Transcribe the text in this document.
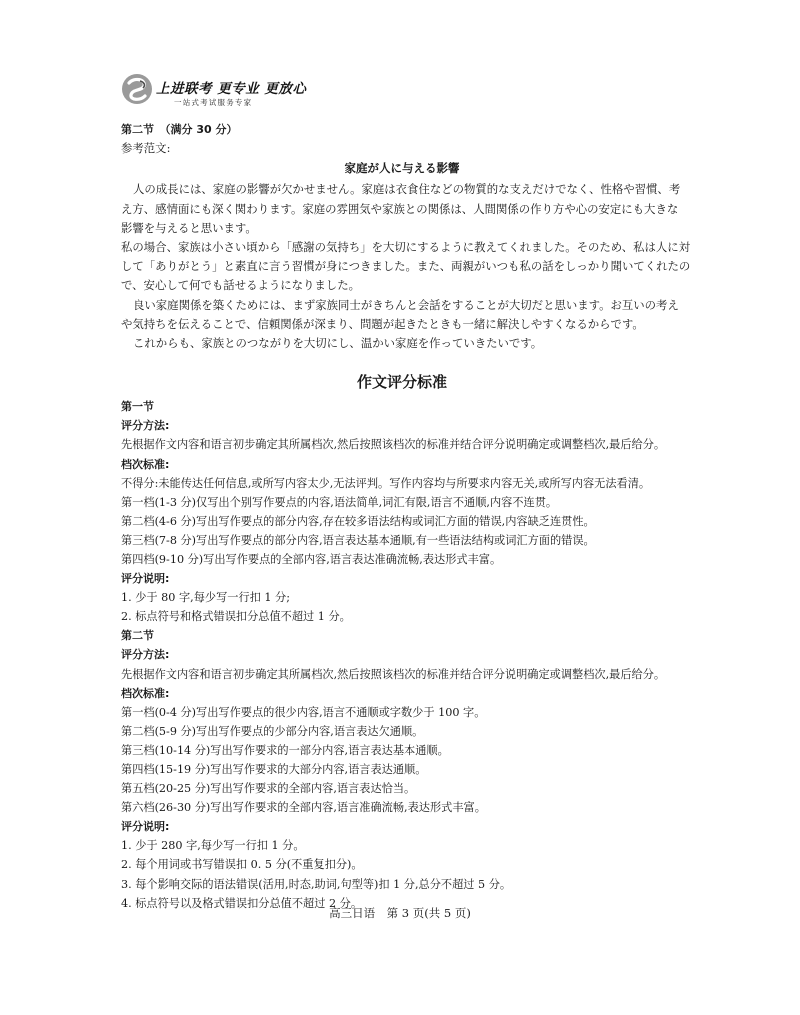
上进联考 更专业 更放心
一站式考试服务专家

第二节　（满分 30 分）

参考范文:

家庭が人に与える影響

人の成長には、家庭の影響が欠かせません。家庭は衣食住などの物質的な支えだけでなく、性格や習慣、考

え方、感情面にも深く関わります。家庭の雰囲気や家族との関係は、人間関係の作り方や心の安定にも大きな

影響を与えると思います。

私の場合、家族は小さい頃から「感謝の気持ち」を大切にするように教えてくれました。そのため、私は人に対

して「ありがとう」と素直に言う習慣が身につきました。また、両親がいつも私の話をしっかり聞いてくれたの

で、安心して何でも話せるようになりました。

良い家庭関係を築くためには、まず家族同士がきちんと会話をすることが大切だと思います。お互いの考え

や気持ちを伝えることで、信頼関係が深まり、問題が起きたときも一緒に解決しやすくなるからです。

これからも、家族とのつながりを大切にし、温かい家庭を作っていきたいです。

作文评分标准

第一节

评分方法:

先根据作文内容和语言初步确定其所属档次,然后按照该档次的标准并结合评分说明确定或调整档次,最后给分。

档次标准:

不得分:未能传达任何信息,或所写内容太少,无法评判。写作内容均与所要求内容无关,或所写内容无法看清。

第一档(1-3 分)仅写出个别写作要点的内容,语法简单,词汇有限,语言不通顺,内容不连贯。

第二档(4-6 分)写出写作要点的部分内容,存在较多语法结构或词汇方面的错误,内容缺乏连贯性。

第三档(7-8 分)写出写作要点的部分内容,语言表达基本通顺,有一些语法结构或词汇方面的错误。

第四档(9-10 分)写出写作要点的全部内容,语言表达准确流畅,表达形式丰富。

评分说明:

1. 少于 80 字,每少写一行扣 1 分;

2. 标点符号和格式错误扣分总值不超过 1 分。

第二节

评分方法:

先根据作文内容和语言初步确定其所属档次,然后按照该档次的标准并结合评分说明确定或调整档次,最后给分。

档次标准:

第一档(0-4 分)写出写作要点的很少内容,语言不通顺或字数少于 100 字。

第二档(5-9 分)写出写作要点的少部分内容,语言表达欠通顺。

第三档(10-14 分)写出写作要求的一部分内容,语言表达基本通顺。

第四档(15-19 分)写出写作要求的大部分内容,语言表达通顺。

第五档(20-25 分)写出写作要求的全部内容,语言表达恰当。

第六档(26-30 分)写出写作要求的全部内容,语言准确流畅,表达形式丰富。

评分说明:

1. 少于 280 字,每少写一行扣 1 分。

2. 每个用词或书写错误扣 0. 5 分(不重复扣分)。

3. 每个影响交际的语法错误(活用,时态,助词,句型等)扣 1 分,总分不超过 5 分。

4. 标点符号以及格式错误扣分总值不超过 2 分。

高三日语　第 3 页(共 5 页)
